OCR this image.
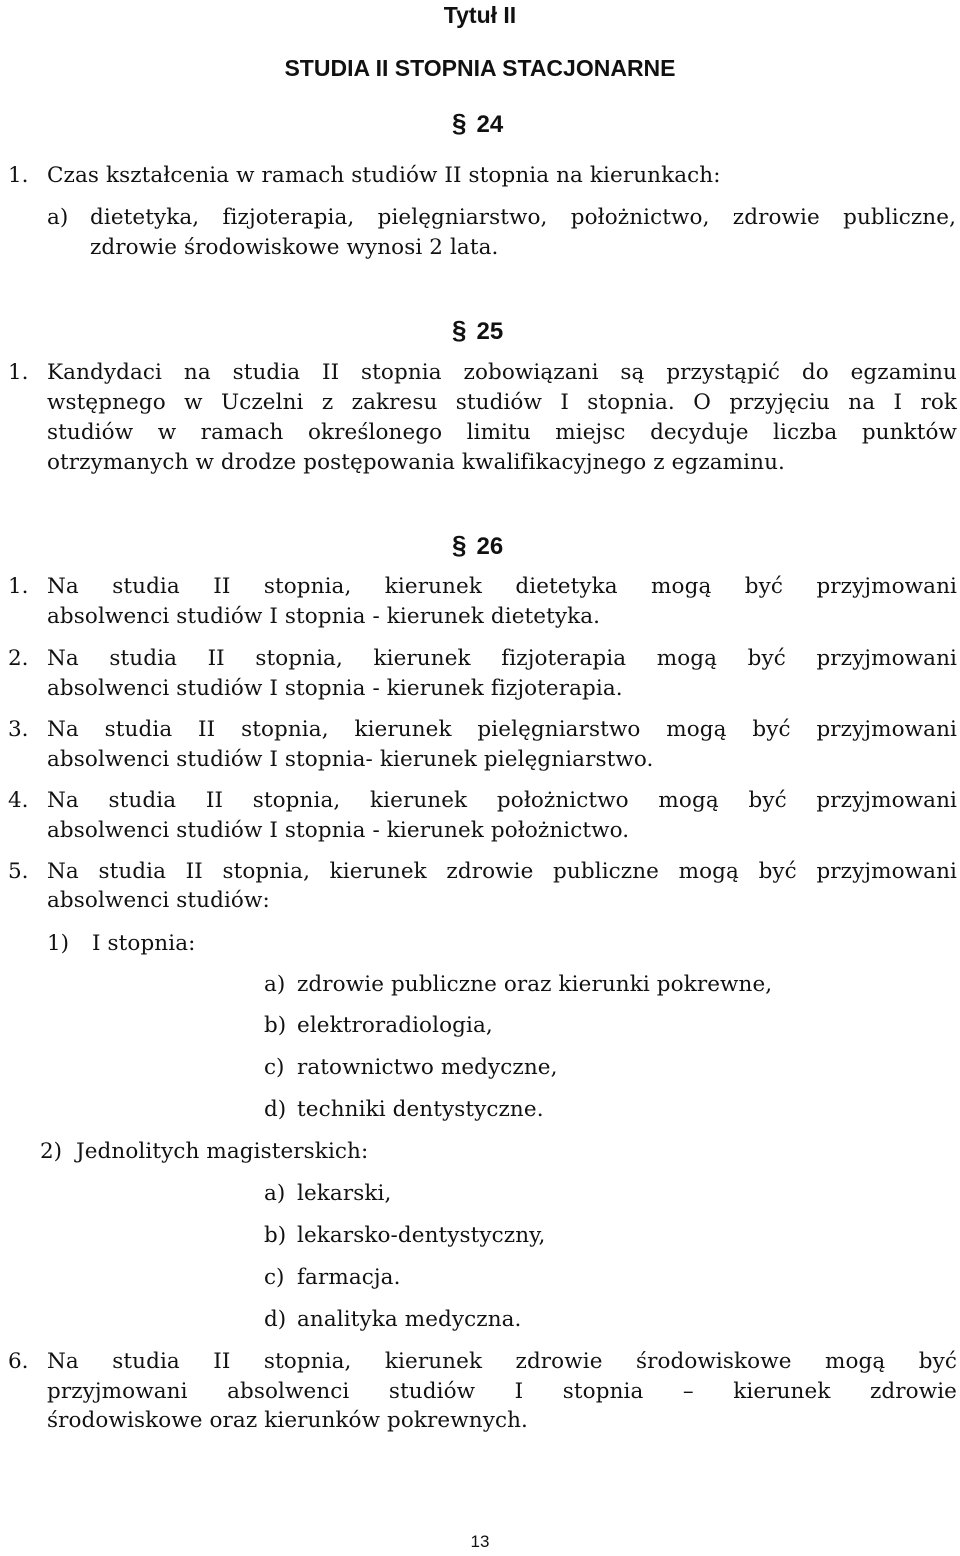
Tytuł II
STUDIA II STOPNIA STACJONARNE
§ 24
1. Czas kształcenia w ramach studiów II stopnia na kierunkach:
a) dietetyka, fizjoterapia, pielęgniarstwo, położnictwo, zdrowie publiczne,
zdrowie środowiskowe wynosi 2 lata.
§ 25
1. Kandydaci na studia II stopnia zobowiązani są przystąpić do egzaminu
wstępnego w Uczelni z zakresu studiów I stopnia. O przyjęciu na I rok
studiów w ramach określonego limitu miejsc decyduje liczba punktów
otrzymanych w drodze postępowania kwalifikacyjnego z egzaminu.
§ 26
1. Na studia II stopnia, kierunek dietetyka mogą być przyjmowani
absolwenci studiów I stopnia - kierunek dietetyka.
2. Na studia II stopnia, kierunek fizjoterapia mogą być przyjmowani
absolwenci studiów I stopnia - kierunek fizjoterapia.
3. Na studia II stopnia, kierunek pielęgniarstwo mogą być przyjmowani
absolwenci studiów I stopnia- kierunek pielęgniarstwo.
4. Na studia II stopnia, kierunek położnictwo mogą być przyjmowani
absolwenci studiów I stopnia - kierunek położnictwo.
5. Na studia II stopnia, kierunek zdrowie publiczne mogą być przyjmowani
absolwenci studiów:
1) I stopnia:
a) zdrowie publiczne oraz kierunki pokrewne,
b) elektroradiologia,
c) ratownictwo medyczne,
d) techniki dentystyczne.
2) Jednolitych magisterskich:
a) lekarski,
b) lekarsko-dentystyczny,
c) farmacja.
d) analityka medyczna.
6. Na studia II stopnia, kierunek zdrowie środowiskowe mogą być
przyjmowani absolwenci studiów I stopnia – kierunek zdrowie
środowiskowe oraz kierunków pokrewnych.
13
